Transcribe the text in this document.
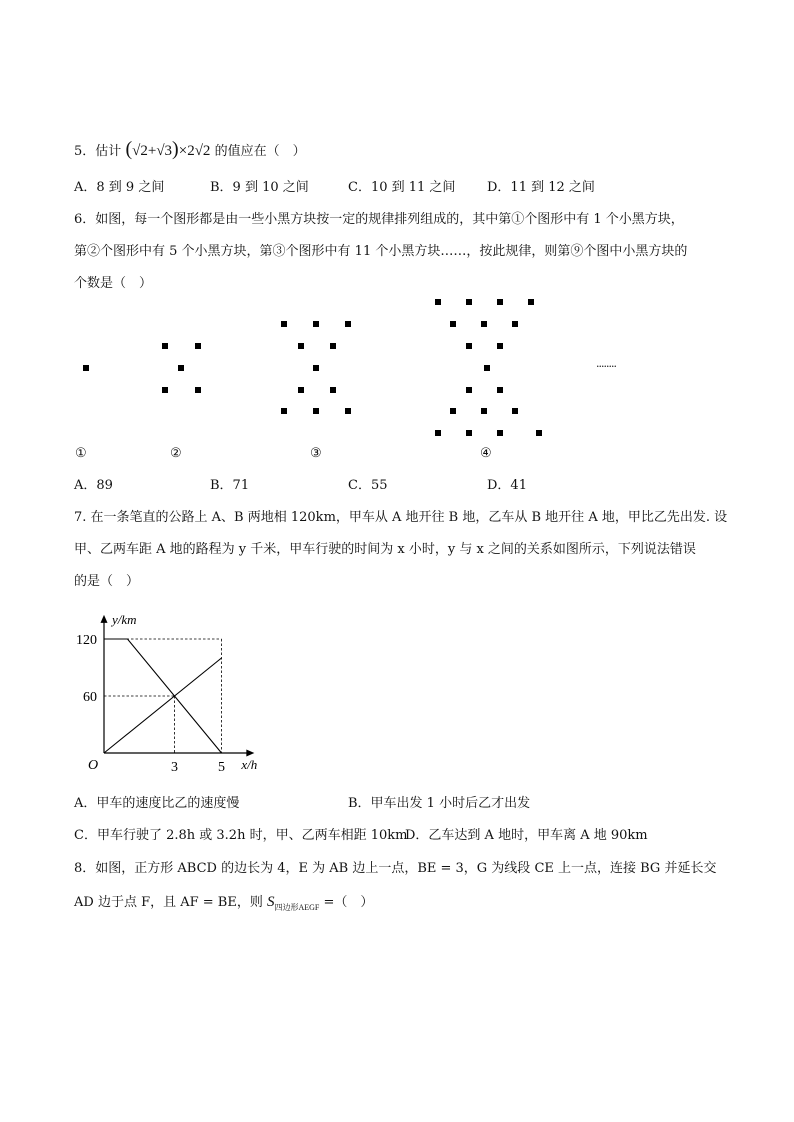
5．估计 (√2+√3)×2√2 的值应在（　）
A．8 到 9 之间	B．9 到 10 之间	C．10 到 11 之间 D．11 到 12 之间
6．如图，每一个图形都是由一些小黑方块按一定的规律排列组成的，其中第①个图形中有 1 个小黑方块，
第②个图形中有 5 个小黑方块，第③个图形中有 11 个小黑方块……，按此规律，则第⑨个图中小黑方块的
个数是（　）
········
①	②	③	④
A．89	B．71	C．55	D．41
7. 在一条笔直的公路上 A、B 两地相 120km，甲车从 A 地开往 B 地，乙车从 B 地开往 A 地，甲比乙先出发. 设
甲、乙两车距 A 地的路程为 y 千米，甲车行驶的时间为 x 小时，y 与 x 之间的关系如图所示，下列说法错误
的是（　）
3	5
60
120
y/km
x/h
O
A．甲车的速度比乙的速度慢	B．甲车出发 1 小时后乙才出发
C．甲车行驶了 2.8h 或 3.2h 时，甲、乙两车相距 10km
D．乙车达到 A 地时，甲车离 A 地 90km
8．如图，正方形 ABCD 的边长为 4，E 为 AB 边上一点，BE = 3，G 为线段 CE 上一点，连接 BG 并延长交
AD 边于点 F，且 AF = BE，则 $S_{四边形AEGF}$ =（　）
